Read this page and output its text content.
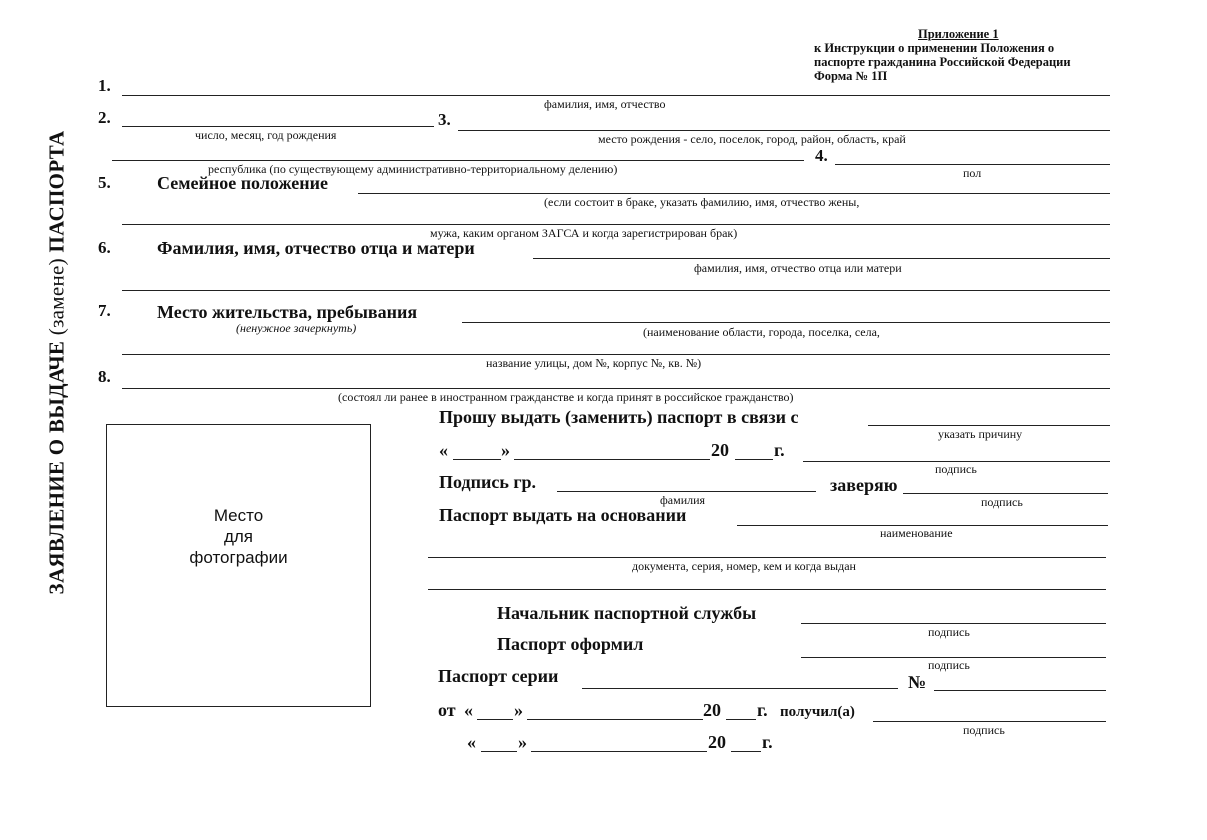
Приложение 1
к Инструкции о применении Положения о
паспорте гражданина Российской Федерации
Форма № 1П
ЗАЯВЛЕНИЕ О ВЫДАЧЕ (замене) ПАСПОРТА
1.
фамилия, имя, отчество
2.
число, месяц, год рождения
3.
место рождения - село, поселок, город, район, область, край
республика (по существующему административно-территориальному делению)
4.
пол
5.	Семейное положение
(если состоит в браке, указать фамилию, имя, отчество жены,
мужа, каким органом ЗАГСА и когда зарегистрирован брак)
6.	Фамилия, имя, отчество отца и матери
фамилия, имя, отчество отца или матери
7.	Место жительства, пребывания
(ненужное зачеркнуть)	(наименование области, города, поселка, села,
название улицы, дом №, корпус №, кв. №)
8.
(состоял ли ранее в иностранном гражданстве и когда принят в российское гражданство)
Место
для
фотографии
Прошу выдать (заменить) паспорт в связи с
указать причину
«	»	20	г.
подпись
Подпись гр.
фамилия
заверяю
подпись
Паспорт выдать на основании
наименование
документа, серия, номер, кем и когда выдан
Начальник паспортной службы
подпись
Паспорт оформил
подпись
Паспорт серии	№
от « »	20 г. получил(а)
подпись
« »	20 г.
